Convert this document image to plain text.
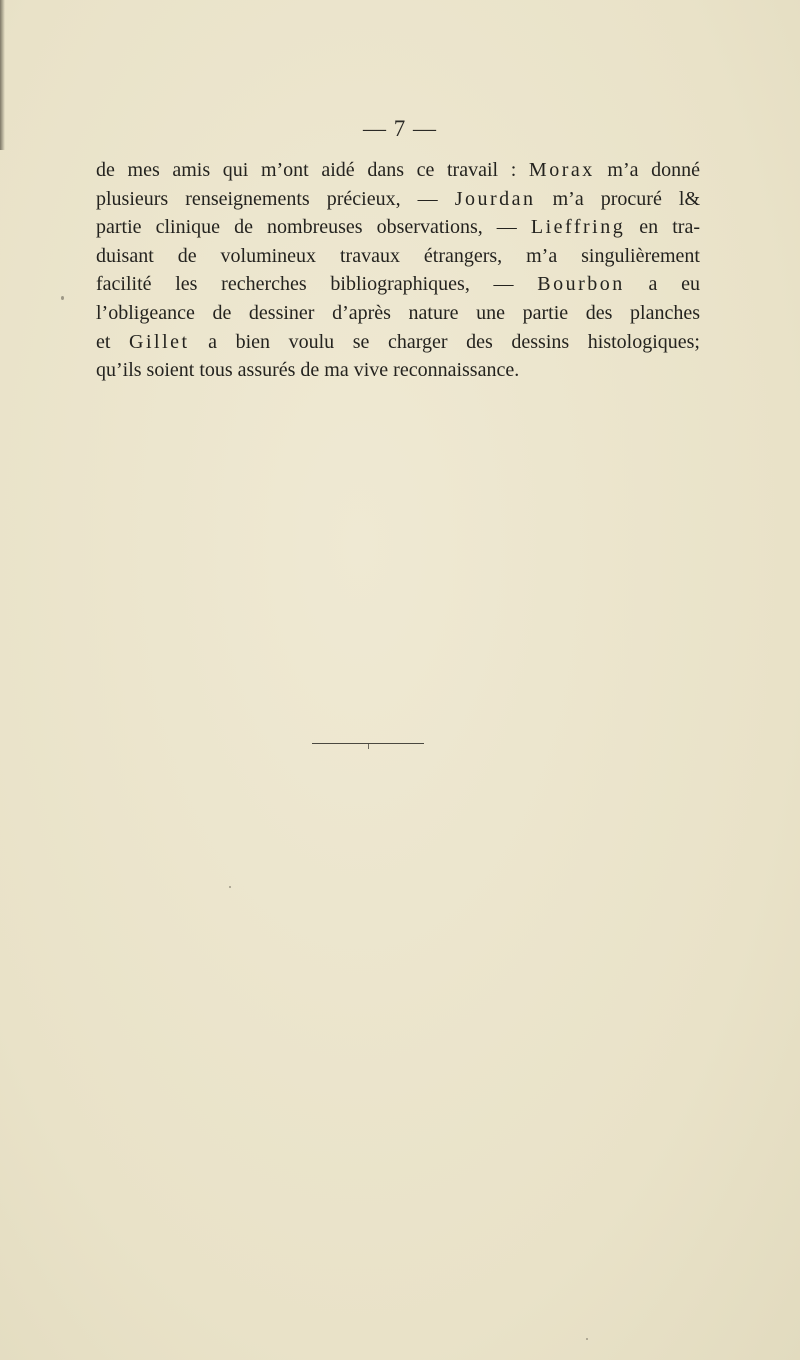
— 7 —
de mes amis qui m’ont aidé dans ce travail : Morax m’a donné
plusieurs renseignements précieux, — Jourdan m’a procuré l&
partie clinique de nombreuses observations, — Lieffring en tra-
duisant de volumineux travaux étrangers, m’a singulièrement
facilité les recherches bibliographiques, — Bourbon a eu
l’obligeance de dessiner d’après nature une partie des planches
et Gillet a bien voulu se charger des dessins histologiques;
qu’ils soient tous assurés de ma vive reconnaissance.
